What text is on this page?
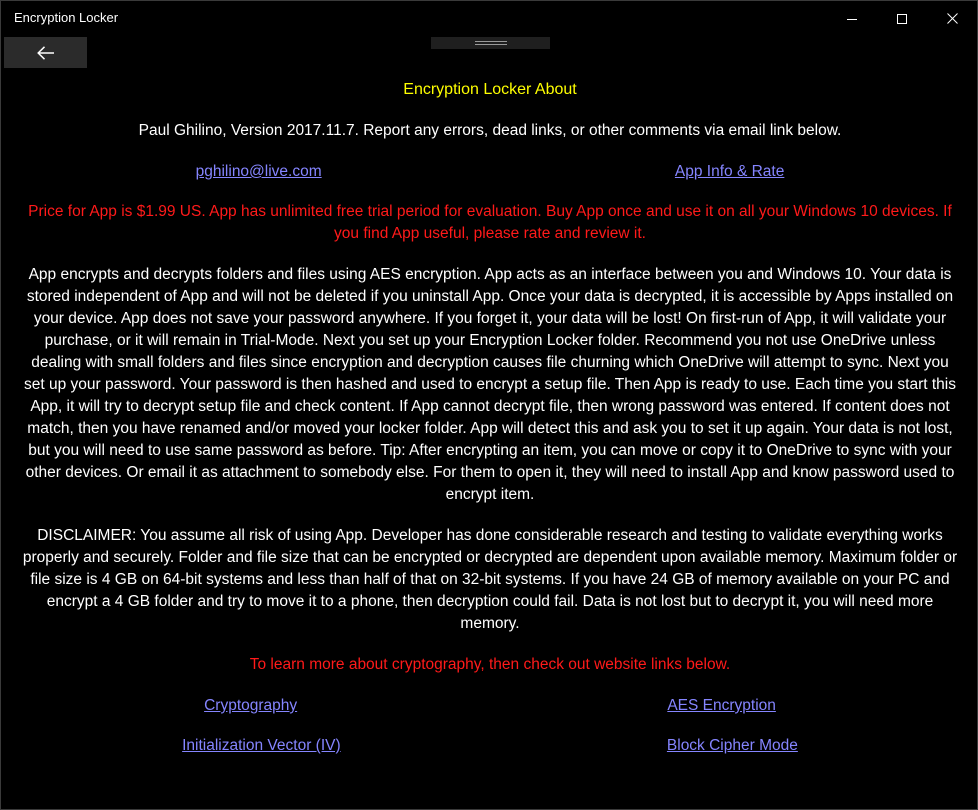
Encryption Locker
Encryption Locker About
Paul Ghilino, Version 2017.11.7. Report any errors, dead links, or other comments via email link below.
pghilino@live.com	App Info & Rate
Price for App is $1.99 US. App has unlimited free trial period for evaluation. Buy App once and use it on all your Windows 10 devices. If you find App useful, please rate and review it.
App encrypts and decrypts folders and files using AES encryption. App acts as an interface between you and Windows 10. Your data is stored independent of App and will not be deleted if you uninstall App. Once your data is decrypted, it is accessible by Apps installed on your device. App does not save your password anywhere. If you forget it, your data will be lost! On first-run of App, it will validate your purchase, or it will remain in Trial-Mode. Next you set up your Encryption Locker folder. Recommend you not use OneDrive unless dealing with small folders and files since encryption and decryption causes file churning which OneDrive will attempt to sync. Next you set up your password. Your password is then hashed and used to encrypt a setup file. Then App is ready to use. Each time you start this App, it will try to decrypt setup file and check content. If App cannot decrypt file, then wrong password was entered. If content does not match, then you have renamed and/or moved your locker folder. App will detect this and ask you to set it up again. Your data is not lost, but you will need to use same password as before. Tip: After encrypting an item, you can move or copy it to OneDrive to sync with your other devices. Or email it as attachment to somebody else. For them to open it, they will need to install App and know password used to encrypt item.
DISCLAIMER: You assume all risk of using App. Developer has done considerable research and testing to validate everything works properly and securely. Folder and file size that can be encrypted or decrypted are dependent upon available memory. Maximum folder or file size is 4 GB on 64-bit systems and less than half of that on 32-bit systems. If you have 24 GB of memory available on your PC and encrypt a 4 GB folder and try to move it to a phone, then decryption could fail. Data is not lost but to decrypt it, you will need more memory.
To learn more about cryptography, then check out website links below.
Cryptography	AES Encryption
Initialization Vector (IV)	Block Cipher Mode
